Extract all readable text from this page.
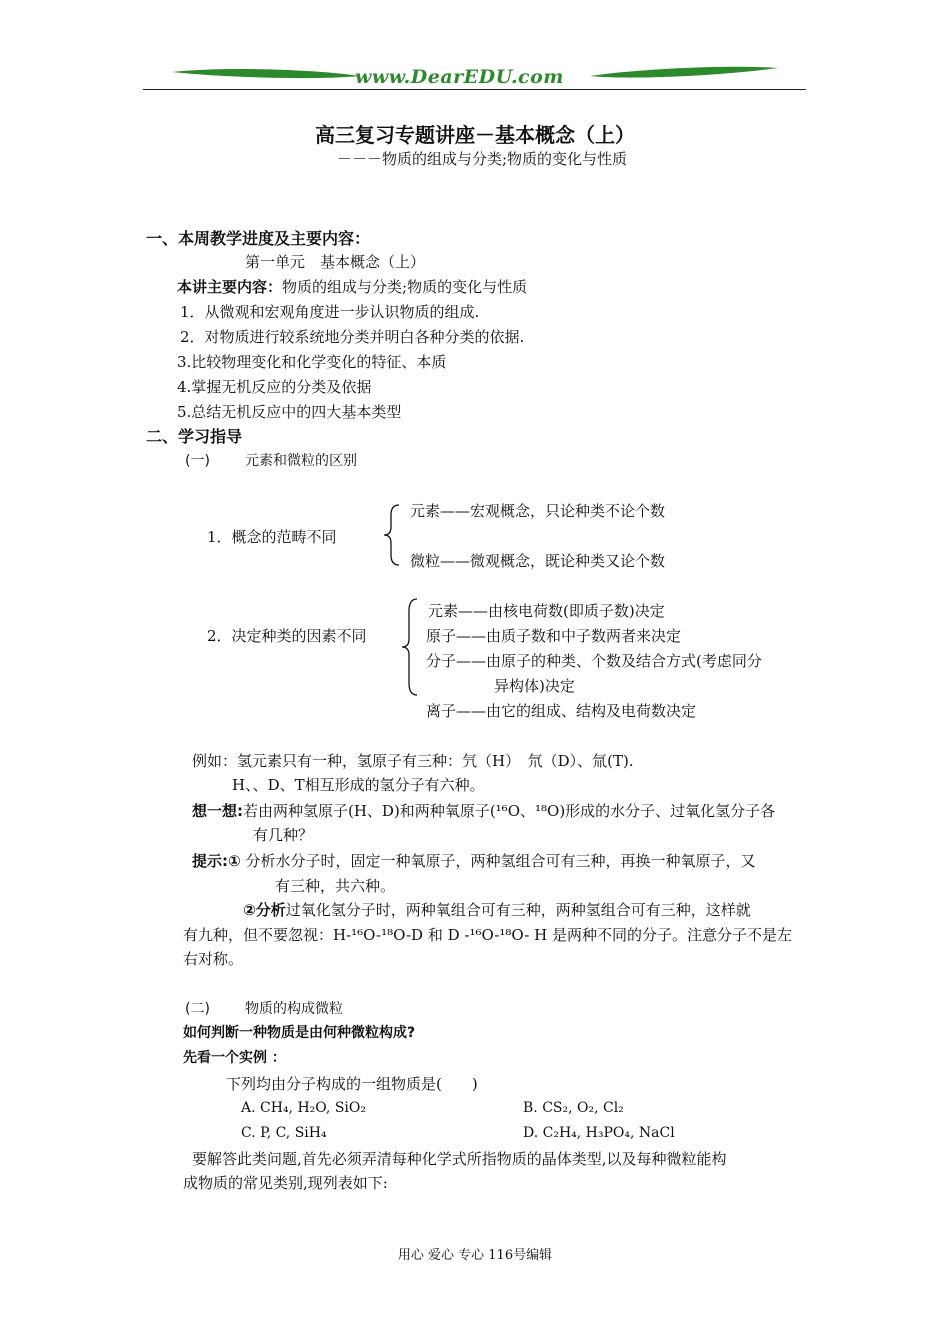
www.DearEDU.com
高三复习专题讲座－基本概念（上）
－－－物质的组成与分类;物质的变化与性质
一、本周教学进度及主要内容：
第一单元　基本概念（上）
本讲主要内容：物质的组成与分类;物质的变化与性质
1．从微观和宏观角度进一步认识物质的组成.
2．对物质进行较系统地分类并明白各种分类的依据.
3.比较物理变化和化学变化的特征、本质
4.掌握无机反应的分类及依据
5.总结无机反应中的四大基本类型
二、学习指导
(一)	元素和微粒的区别
1．概念的范畴不同
元素——宏观概念，只论种类不论个数
微粒——微观概念，既论种类又论个数
2．决定种类的因素不同
元素——由核电荷数(即质子数)决定
原子——由质子数和中子数两者来决定
分子——由原子的种类、个数及结合方式(考虑同分
异构体)决定
离子——由它的组成、结构及电荷数决定
例如：氢元素只有一种，氢原子有三种：氕（H）　氘（D）、氚(T).
H、、D、T相互形成的氢分子有六种。
想一想:若由两种氢原子(H、D)和两种氧原子(¹⁶O、¹⁸O)形成的水分子、过氧化氢分子各
有几种？
提示:① 分析水分子时，固定一种氧原子，两种氢组合可有三种，再换一种氧原子，又
有三种，共六种。
②分析过氧化氢分子时，两种氧组合可有三种，两种氢组合可有三种，这样就
有九种，但不要忽视：H-¹⁶O-¹⁸O-D 和 D -¹⁶O-¹⁸O- H 是两种不同的分子。注意分子不是左
右对称。
(二)	物质的构成微粒
如何判断一种物质是由何种微粒构成?
先看一个实例 ：
下列均由分子构成的一组物质是(　　)
A. CH₄, H₂O, SiO₂	B. CS₂, O₂, Cl₂
C. P, C, SiH₄	D. C₂H₄, H₃PO₄, NaCl
要解答此类问题,首先必须弄清每种化学式所指物质的晶体类型,以及每种微粒能构
成物质的常见类别,现列表如下:
用心 爱心 专心 116号编辑
